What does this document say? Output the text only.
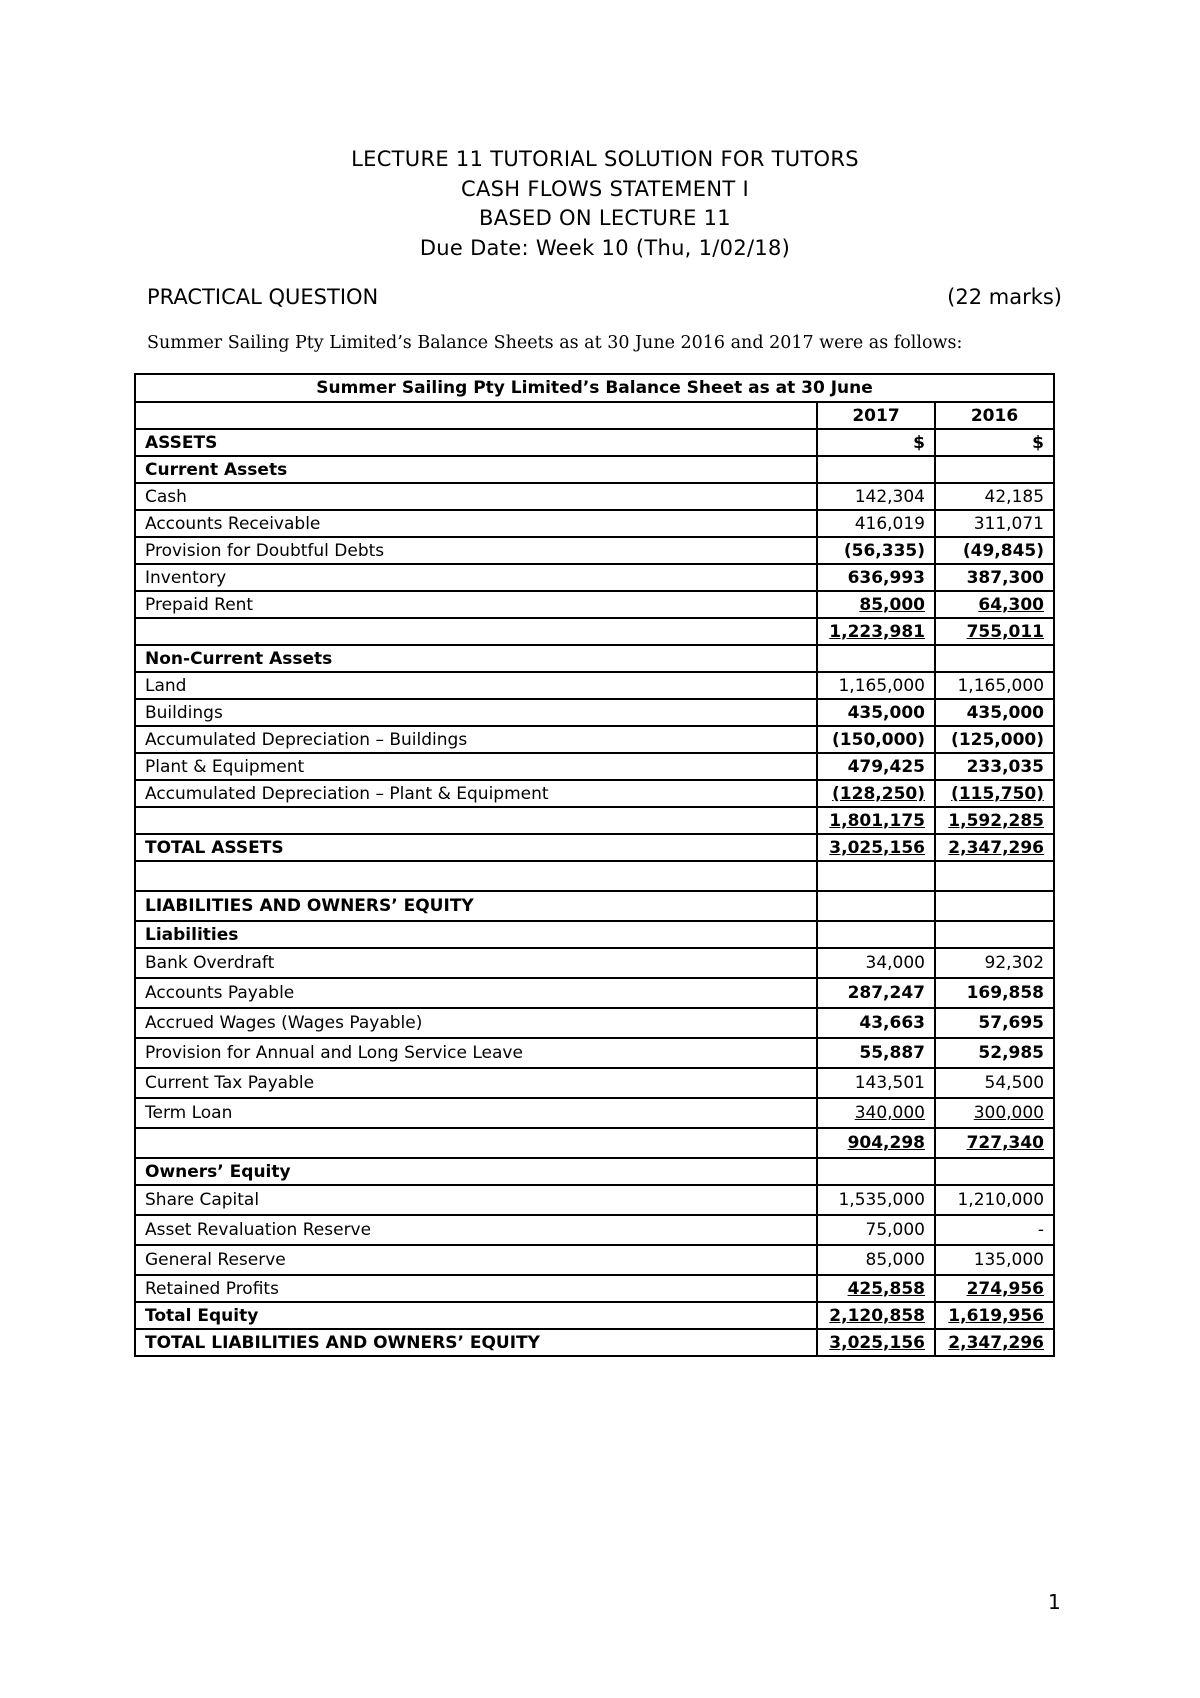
LECTURE 11 TUTORIAL SOLUTION FOR TUTORS
CASH FLOWS STATEMENT I
BASED ON LECTURE 11
Due Date: Week 10 (Thu, 1/02/18)
PRACTICAL QUESTION	(22 marks)
Summer Sailing Pty Limited’s Balance Sheets as at 30 June 2016 and 2017 were as follows:
Summer Sailing Pty Limited’s Balance Sheet as at 30 June		
	2017	2016
ASSETS	$	$
Current Assets		
Cash	142,304	42,185
Accounts Receivable	416,019	311,071
Provision for Doubtful Debts	(56,335)	(49,845)
Inventory	636,993	387,300
Prepaid Rent	85,000	64,300
	1,223,981	755,011
Non-Current Assets		
Land	1,165,000	1,165,000
Buildings	435,000	435,000
Accumulated Depreciation – Buildings	(150,000)	(125,000)
Plant & Equipment	479,425	233,035
Accumulated Depreciation – Plant & Equipment	(128,250)	(115,750)
	1,801,175	1,592,285
TOTAL ASSETS	3,025,156	2,347,296

LIABILITIES AND OWNERS’ EQUITY		
Liabilities		
Bank Overdraft	34,000	92,302
Accounts Payable	287,247	169,858
Accrued Wages (Wages Payable)	43,663	57,695
Provision for Annual and Long Service Leave	55,887	52,985
Current Tax Payable	143,501	54,500
Term Loan	340,000	300,000
	904,298	727,340
Owners’ Equity		
Share Capital	1,535,000	1,210,000
Asset Revaluation Reserve	75,000	-
General Reserve	85,000	135,000
Retained Profits	425,858	274,956
Total Equity	2,120,858	1,619,956
TOTAL LIABILITIES AND OWNERS’ EQUITY	3,025,156	2,347,296
1
